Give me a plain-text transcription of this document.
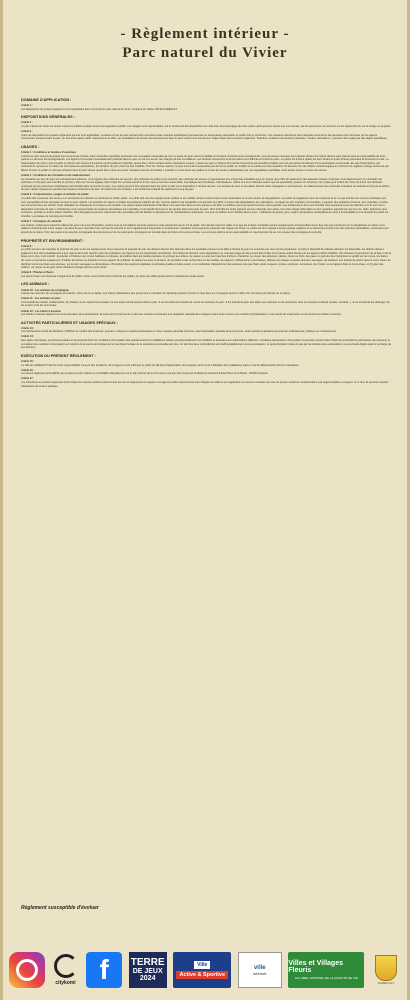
- Règlement intérieur -
Parc naturel du Vivier
DOMAINE D'APPLICATION :
Article 1 :
Les dispositions du présent règlement sont applicables dans l'enceinte du parc naturel du Vivier, Fontaine de Claste, 83136 GAREOULT.
DISPOSITIONS GÉNÉRALES :
Article 2 :
Le parc naturel du Vivier est ouvert à tous les publics et placé sous la sauvegarde du public. Les usagers sont responsables, sur le fondement des dispositions du code civil, des dommages de toute nature qu'ils peuvent causer par eux-mêmes, par les personnes, les animaux ou les objets dont ils ont la charge ou la garde.
Article 3 :
Outre les dispositions du présent règlement qui leur sont applicables, certaines zones du parc peuvent être soumises à des mesures spécifiques (permanentes ou temporaires) auxquelles le public doit se conformer. Ces mesures restrictives sont indiquées sous forme de panneaux et/ou données par les agents communaux présents dans le parc, ou tout autre agent public missionné à cet effet. Les prestataires de service qui interviennent dans le parc naturel sont soumis aux règles fixées par le présent règlement. Toutefois, certaines interventions (entretien, travaux, animations...) peuvent être régies par des règles spécifiques.
USAGES :
Article 4 : Conditions et horaires d'ouverture
L'accès au parc naturel est gratuit tous les jours de l'année, sauf convention spécifique autorisant une occupation temporaire de tout ou partie du parc naturel et établie à l'occasion d'événements exceptionnels. Les personnes mineures sont placées durant leur séjour dans le parc naturel sous la responsabilité de leurs parents ou de leurs accompagnateurs. Les agents communaux éventuellement présents dans le parc ne sont en aucun cas chargés de leur surveillance. Les horaires d'ouverture et de fermeture sont affichés à l'entrée du parc. Le public est invité à quitter les lieux durant le quart d'heure précédant la fermeture du site. La fréquentation de celui-ci par le public en dehors des heures d'ouverture est formellement interdite, quand bien même certains accès resteraient ouverts. L'accès au parc en dehors des heures d'ouverture est toutefois possible pour les personnes bénéficiant d'une autorisation communale. En cas d'intempéries, par nécessité de service ou en raison de circonstances particulières, les horaires du parc pourront être modifiés. Pour les mêmes raisons, le parc pourra être temporairement fermé au public, en totalité ou en partie pour des questions de sécurité. En cas d'alerte météorologique au minimum de vigilance orange annoncée par Météo France, le public ne doit pas pénétrer dans le parc naturel quand bien même les accès n'auraient pas été verrouillés. Le public n'y aura accès aux jardins et zones de travaux matérialisées par une signalétique spécifique, ainsi qu'aux locaux et zones de service.
Article 5 : Conditions de circulation et de stationnement
La circulation au sein du parc est exclusivement piétonne. À l'exception des véhicules de secours, des véhicules de police et de sécurité, des véhicules de service ou appartenant aux entreprises travaillant pour le compte de la Ville de Garéoult et des fauteuils roulants motorisés, tout stationnement ou circulation de véhicules ou d'engins sont interdits et pourront, dans les formes légales, faire l'objet d'un procès-verbal et d'une mise en fourrière automobile. La pratique des bicyclettes, rollerskateurs, rollers et à tous véhicules autres que les poussettes, jouets non terrestres, les cycles pour enfant de moins de 6 ans, les véhicules employés par les personnes handicapées est interdite dans l'enceinte du parc. Les cycles pourront être déposés dans les parcs à vélo mis à disposition à l'entrée du parc. Les entrées du parc et ses allées doivent rester dégagées en permanence. Le stationnement des véhicules motorisés est autorisé le long de la clôture du parc naturel uniquement pendant les horaires d'ouverture du parc. En dehors de ces horaires, il est strictement interdit de stationner le long du parc.
Article 6 : Comportement, usages et activités du public
Le public doit conserver une tenue et un comportement décents et conformes à l'ordre public. Le public doit user des équipements publics et du mobilier urbain conformément à leur destination et ne pas causer de dégradations. Le public est également tenu de respecter et de ne pas toucher aux oeuvres artistiques qui sont susceptibles d'être exposées au sein du parc naturel. Les activités de nature à troubler la jouissance paisible du site, à porter atteinte à la tranquillité et la sécurité du public, à causer des dégradations aux plantations, ouvrages ou aux meubles et immeubles, à générer des pollutions diverses, sont interdites. L'accès aux zones fermées est interdit. Toute utilisation de chaussures à crampons est interdite. Les pique-niques individuels et familiaux sont autorisés dans la zone prévue à cet effet, à condition que la propreté des lieux soit respectée. Les barbecues et feux sont interdits. Des conteneurs pour les déchets et le tri sont mis à disposition à l'entrée du parc. L'introduction et la consommation de boissons alcoolisées sont interdites. Il est interdit de fumer et de vapoter dans l'enceinte du parc. Sont interdits les bruits gênants par leur intensité, leur durée, leur forte charge informative ou leur caractère agressif tels que les cris, radio, télévision sans écouteurs, pétards ou autres pièces d'artifice. Des dérogations pourront néanmoins être accordées afin de faciliter le déroulement de manifestations autorisées. Les jeux de ballons sont interdits dans le parc. L'utilisation de jouets, jeux, engins mécaniques susceptibles de nuire à la tranquillité et à la sécurité du public est interdite. La pratique du camping est interdite.
Article 7 : Consignes de sécurité
Les enfants, notamment quand ils utilisent les jeux mis à leur disposition, restent sous la surveillance de leurs parents ou des personnes qui en ont la garde. Ces derniers devront veiller à ce que les enfants n'accèdent qu'aux équipements correspondant à leur âge tels que mentionné sur la signalétique en place et les utilisent conformément à leur usage. Les aires de jeux répondent aux normes de sécurité et sont régulièrement inspectées et entretenues. Certaines zones peuvent présenter des risques de chute. Le public est donc appelé à la plus grande vigilance et ne devra pas circuler hors des chemins matérialisés, notamment aux abords de la rivière. Pour des raisons de sécurité, la baignade des personnes et de tout animal de compagnie est interdite dans la rivière et les pièces d'eau. La commune décline toute responsabilité en cas d'accident lié au non-respect des consignes de sécurité.
PROPRETÉ ET ENVIRONNEMENT :
Article 8 :
Le public est tenu de respecter la propreté du parc et de ses équipements. Pour préserver la propreté du site, les détritus doivent être déposés dans les poubelles prévues à cet effet à l'entrée du parc ou emportés par ceux qui les produisent. Lorsqu'un dispositif de collecte sélective est disponible, les détritus doivent également être triés préalablement à leur rejet et ainsi être répartis selon les indications qui figurent sur les réceptacles spécifiques. Tout dépôt de déchets, toute dégradation ou mauvais usage du site pourra faire l'objet d'un procès-verbal dressé par les agents publics habilités. Afin d'assurer la protection de la flore et de la faune sur le site, il est interdit : de planter à l'intérieur des zones habitées et cultivées, de piétiner dans les parties plantées, de grimper aux arbres, de casser ou scier les branches d'arbres, d'arracher ou couper des arbustes, plantes, fleurs ou fruits, de graver ou peindre des inscriptions et graffiti sur les troncs, les bancs, les murs ou tout autre équipement, d'utiliser les arbres ou arbustes comme support de publicité, de polluer les eaux et la faune, de procéder à des recherches ou des fouilles, de capturer, d'effaroucher, pourchasser, détruire les oiseaux et autres animaux sauvages, de pratiquer une activité de pêche dans le cours d'eau, de distribuer de la nourriture aux animaux, sur le parc sauvages ou domestiques, d'introduire des espèces végétales et animales quelles qu'elles soient, et en particulier d'abandonner des animaux tels que chats, petits rongeurs, tortues, poissons, écrevisses, de circuler ou se baigner dans le cours d'eau, et d'y jeter des cailloux, d'y mener ou de jeter toute substance toxique dans le cours d'eau.
Article 9 : Plantes et fleurs
Les points d'eau sont réservés à l'agrément du public. Aussi, est-il strictement interdit de les polluer, d'y laver ses effets personnels et matériels de toutes sortes.
LES ANIMAUX :
Article 10 : Les animaux de compagnie
L'accès des animaux de compagnie est interdit, même tenus en laisse. Les chiens d'assistance aux personnes en situation de handicap peuvent circuler en tous lieux en compagnie de leur maître s'ils sont tenus au harnais ou en laisse.
Article 11 : Les animaux du parc
Il est interdit de troubler, d'effaroucher, de chasser ou de capturer les oiseaux ou tout autre animal présent dans le parc. Il est formellement interdit de nourrir les animaux du parc. Il est interdit de jeter des objets aux animaux ou de poursuivre ceux se trouvant en liberté (poules, canards...). Il est interdit de les déranger, de les exciter et de les tourmenter.
Article 12 : Les hôtels à insectes
Les hôtels à insectes agissent sur la conservation de la biodiversité. Ils sont pour but de fournir un abri aux insectes contribuant à la régulation naturelle des ravageurs sans avoir recours aux produits phytosanitaires. Il est interdit de s'approcher ou de toucher les hôtels à insectes.
ACTIVITÉS PARTICULIÈRES ET USAGES SPÉCIAUX :
Article 13 :
Il est strictement interdit de distribuer, d'afficher ou vendre des imprimés, journaux, insignes ou objets quelconques et d'une manière générale d'exercer, sauf autorisation spéciale de la commune, toute activité à caractère commercial, professionnel, politique ou confessionnel.
Article 14 :
Des règles techniques, environnementales et de propreté fixant les conditions d'occupation des emplacements et installations utilisés exceptionnellement sont établies et annexées aux autorisations délivrées. Certaines autorisations d'occupation temporaire peuvent faire l'objet de prescriptions particulières qui précisent et complètent les conditions d'occupation en fonction de la nature de l'événement et membrent la base de la redevance éventuellement due. Un état des lieux contradictoire est établi préalablement à toute occupation, et après libération totale du site par les titulaires des autorisations, les éventuels dégâts étant à la charge de ces derniers.
EXÉCUTION DU PRÉSENT RÈGLEMENT :
Article 15 :
La Ville de GAREOULT décline toute responsabilité vis-à-vis des accidents, dommages ou vols subis par le public du fait de la fréquentation des espaces verts ou de l'utilisation des installations sauf en cas de défectuosités dûment constatées.
Article 16 :
Le présent règlement sera affiché aux entrées du parc naturel et consultable intégralement sur le site internet de la commune et au sein des locaux de la Mairie de Garéoult située Place de la Mairie - 83136 Garéoult.
Article 17 :
Les infractions au présent règlement feront l'objet d'un procès-verbal conformément aux lois et règlements en vigueur. Les agents publics assermentés sont chargés de veiller à son application et pourront constater par voie de procès-verbal les contraventions à la réglementation en vigueur. À ce titre, ils pourront requérir l'assistance de la force publique.
Règlement susceptible d'évoluer
citykomi f	TERRE
DE JEUX
2024
Ville
Active & Sportive
ville
internet
Villes et Villages Fleuris
LE LABEL NATIONAL DE LA QUALITÉ DE VIE
GAREOULT
